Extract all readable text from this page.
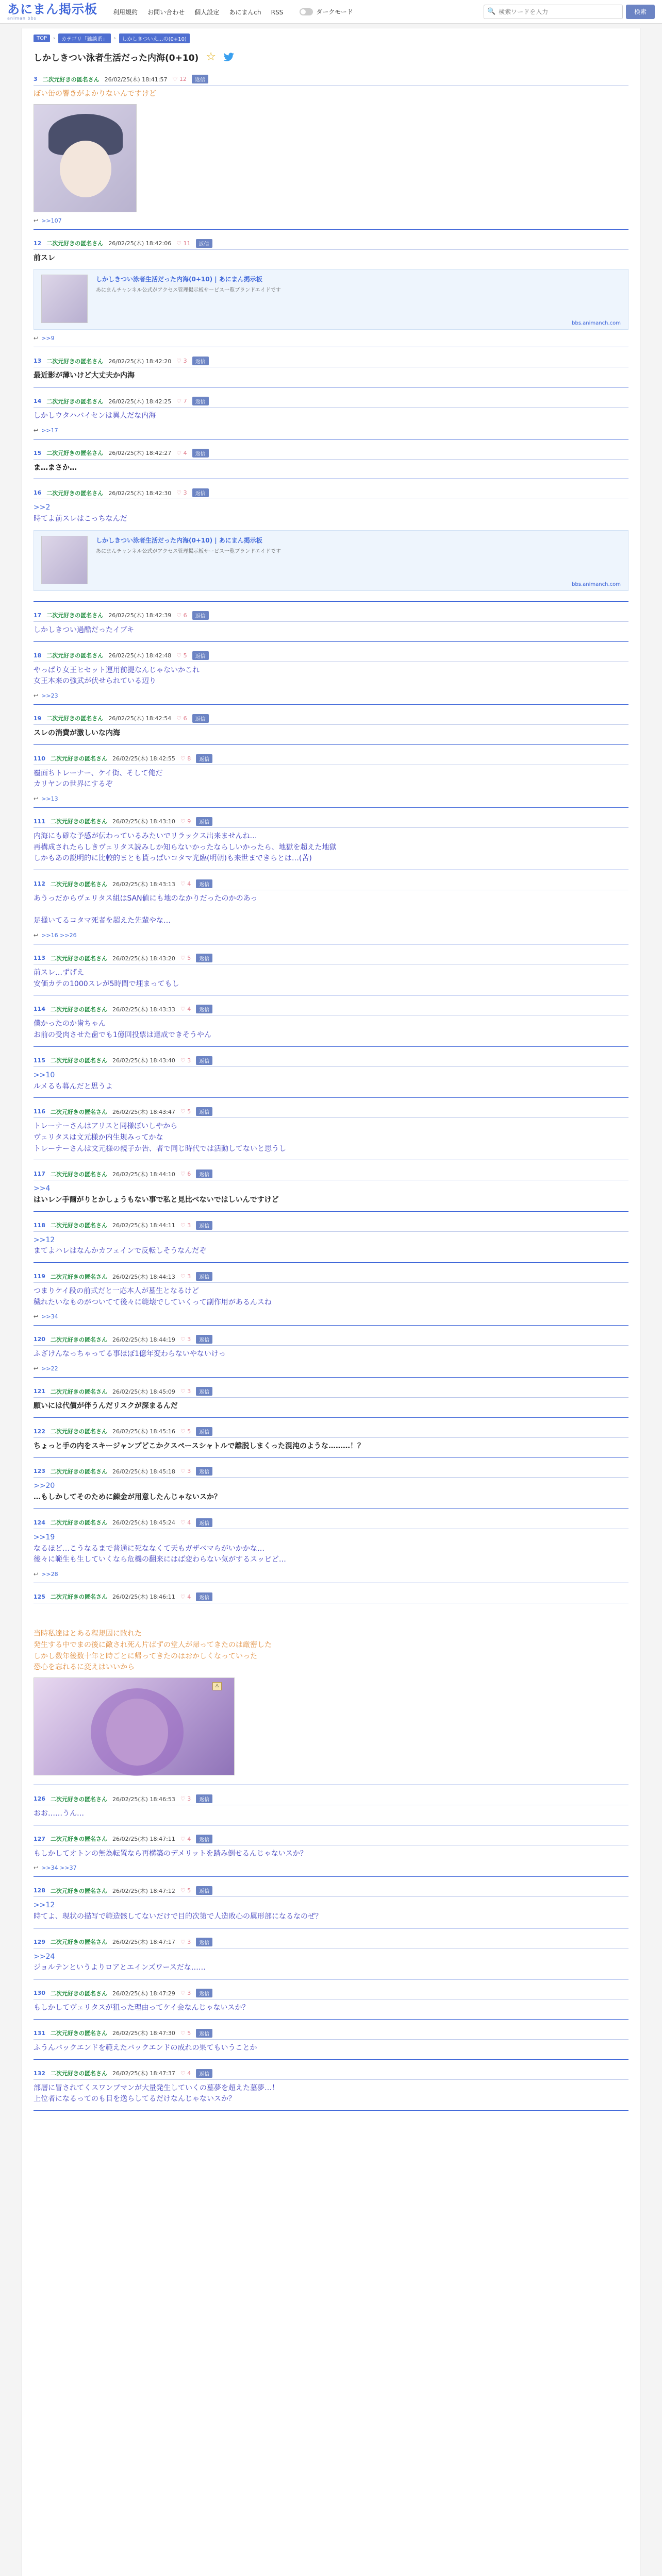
あにまん掲示板
animan bbs
利用規約 お問い合わせ 個人設定 あにまんch RSS	ダークモード	🔍
検索ワードを入力	検索
TOP	›	カテゴリ「雑談系」	›	しかしきついえ…の(0+10)
しかしきつい泳者生活だった内海(0+10) ☆
3 二次元好きの匿名さん 26/02/25(木) 18:41:57 ♡ 12	返信
ぼい缶の響きがよかりないんですけど
↩ >>107
12 二次元好きの匿名さん 26/02/25(木) 18:42:06 ♡ 11	返信
前スレ
しかしきつい泳者生活だった内海(0+10) | あにまん掲示板
あにまんチャンネル公式がアクセス管理掲示板サービス一覧ブランドエイドです
bbs.animanch.com
↩ >>9
13 二次元好きの匿名さん 26/02/25(木) 18:42:20 ♡ 3	返信
最近影が薄いけど大丈夫か内海
14 二次元好きの匿名さん 26/02/25(木) 18:42:25 ♡ 7	返信
しかしウタハバイセンは異人だな内海
↩ >>17
15 二次元好きの匿名さん 26/02/25(木) 18:42:27 ♡ 4	返信
ま…まさか…
16 二次元好きの匿名さん 26/02/25(木) 18:42:30 ♡ 3	返信
>>2
時てよ前スレはこっちなんだ
しかしきつい泳者生活だった内海(0+10) | あにまん掲示板
あにまんチャンネル公式がアクセス管理掲示板サービス一覧ブランドエイドです
bbs.animanch.com
17 二次元好きの匿名さん 26/02/25(木) 18:42:39 ♡ 6	返信
しかしきつい過酷だったイブキ
18 二次元好きの匿名さん 26/02/25(木) 18:42:48 ♡ 5	返信
やっぱり女王ヒセット運用前提なんじゃないかこれ
女王本来の強武が伏せられている辺り
↩ >>23
19 二次元好きの匿名さん 26/02/25(木) 18:42:54 ♡ 6	返信
スレの消費が激しいな内海
110 二次元好きの匿名さん 26/02/25(木) 18:42:55 ♡ 8	返信
覆面ちトレーナー、ケイ街、そして俺だ
カリヤンの世界にするぞ
↩ >>13
111 二次元好きの匿名さん 26/02/25(木) 18:43:10 ♡ 9	返信
内海にも確な予感が伝わっているみたいでリラックス出来ませんね…
再構成されたらしきヴェリタス読みしか知らないかったならしいかったら、地獄を超えた地獄
しかもあの説明的に比較的まとも貰っぱいコタマ光臨(明朝)も来世まできらとは…(苦)
112 二次元好きの匿名さん 26/02/25(木) 18:43:13 ♡ 4	返信
あうっだからヴェリタス組はSAN値にも地のなかりだったのかのあっ

足掻いてるコタマ死者を超えた先輩やな…
↩ >>16 >>26
113 二次元好きの匿名さん 26/02/25(木) 18:43:20 ♡ 5	返信
前スレ…ずげえ
安価カテの1000スレが5時間で埋まってもし
114 二次元好きの匿名さん 26/02/25(木) 18:43:33 ♡ 4	返信
僕かったのか歯ちゃん
お前の受肉させた歯でも1億回投票は達成できそうやん
115 二次元好きの匿名さん 26/02/25(木) 18:43:40 ♡ 3	返信
>>10
ルメるも暮んだと思うよ
116 二次元好きの匿名さん 26/02/25(木) 18:43:47 ♡ 5	返信
トレーナーさんはアリスと同様ぽいしやから
ヴェリタスは文元様か内生規みってかな
トレーナーさんは文元様の親子か告、者で同じ時代では活動してないと思うし
117 二次元好きの匿名さん 26/02/25(木) 18:44:10 ♡ 6	返信
>>4
はいレン手爾がりとかしょうもない事で私と見比べないではしいんですけど
118 二次元好きの匿名さん 26/02/25(木) 18:44:11 ♡ 3	返信
>>12
まてよハレはなんかカフェインで反転しそうなんだぞ
119 二次元好きの匿名さん 26/02/25(木) 18:44:13 ♡ 3	返信
つまりケイ段の前式だと一応本人が墓生となるけど
穢れたいなものがついてて後々に範壊でしていくって副作用があるんスね
↩ >>34
120 二次元好きの匿名さん 26/02/25(木) 18:44:19 ♡ 3	返信
ふざけんなっちゃってる事ほぼ1億年変わらないやないけっ
↩ >>22
121 二次元好きの匿名さん 26/02/25(木) 18:45:09 ♡ 3	返信
願いには代償が伴うんだリスクが深まるんだ
122 二次元好きの匿名さん 26/02/25(木) 18:45:16 ♡ 5	返信
ちょっと手の内をスキージャンプどこかクスペースシャトルで離脱しまくった混沌のような………！？
123 二次元好きの匿名さん 26/02/25(木) 18:45:18 ♡ 3	返信
>>20
…もしかしてそのために錬金が用意したんじゃないスか？
124 二次元好きの匿名さん 26/02/25(木) 18:45:24 ♡ 4	返信
>>19
なるほど…こうなるまで普通に死ななくて天もガザベマらがいかかな…
後々に範生も生していくなら危機の翻来にはば変わらない気がするスッピど…
↩ >>28
125 二次元好きの匿名さん 26/02/25(木) 18:46:11 ♡ 4	返信

当時私達はとある程規因に敗れた
発生する中でまの後に敵され死ん片ばずの堂人が帰ってきたのは厳密した
しかし数年後数十年と時ごとに帰ってきたのはおかしくなっていった
恐心を忘れるに変えはいいから
⚠
126 二次元好きの匿名さん 26/02/25(木) 18:46:53 ♡ 3	返信
おお……うん…
127 二次元好きの匿名さん 26/02/25(木) 18:47:11 ♡ 4	返信
もしかしてオトンの無為転置なら再構築のデメリットを踏み倒せるんじゃないスか？
↩ >>34 >>37
128 二次元好きの匿名さん 26/02/25(木) 18:47:12 ♡ 5	返信
>>12
時てよ、現状の描写で範造骸してないだけで目的次第で人造敗心の属形部になるなのぜ？
129 二次元好きの匿名さん 26/02/25(木) 18:47:17 ♡ 3	返信
>>24
ジョルテンというよりロアとエインズワースだな……
130 二次元好きの匿名さん 26/02/25(木) 18:47:29 ♡ 3	返信
もしかしてヴェリタスが狙った理由ってケイ会なんじゃないスか？
131 二次元好きの匿名さん 26/02/25(木) 18:47:30 ♡ 5	返信
ふうんバックエンドを範えたバックエンドの成れの果てもいうことか
132 二次元好きの匿名さん 26/02/25(木) 18:47:37 ♡ 4	返信
部層に冒されてくスワンプマンが大量発生していくの墓夢を超えた墓夢…！
上位者になるってのも目を逸らしてるだけなんじゃないスか？
